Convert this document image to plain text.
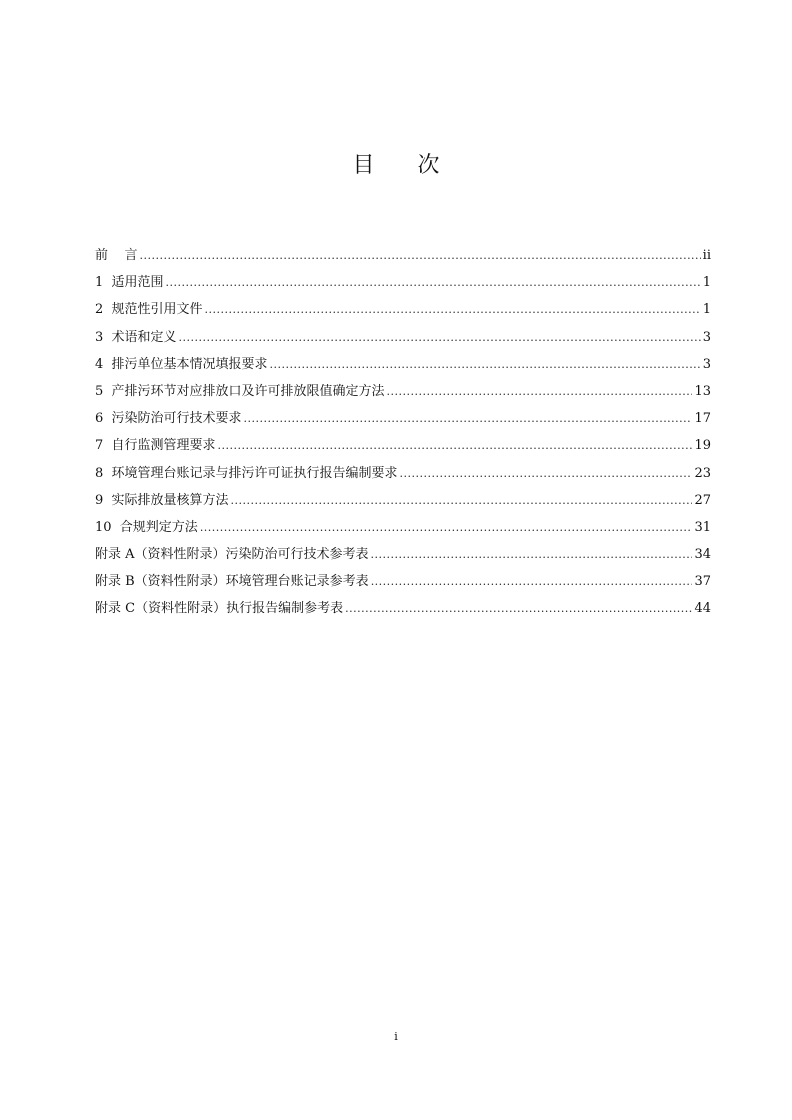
目 次
前    言 .....	ii
1  适用范围 .....	1
2  规范性引用文件 .....	1
3  术语和定义 .....	3
4  排污单位基本情况填报要求 .....	3
5  产排污环节对应排放口及许可排放限值确定方法 .....	13
6  污染防治可行技术要求 .....	17
7  自行监测管理要求 .....	19
8  环境管理台账记录与排污许可证执行报告编制要求 .....	23
9  实际排放量核算方法 .....	27
10  合规判定方法 .....	31
附录 A（资料性附录）污染防治可行技术参考表 .....	34
附录 B（资料性附录）环境管理台账记录参考表 .....	37
附录 C（资料性附录）执行报告编制参考表 .....	44
i
